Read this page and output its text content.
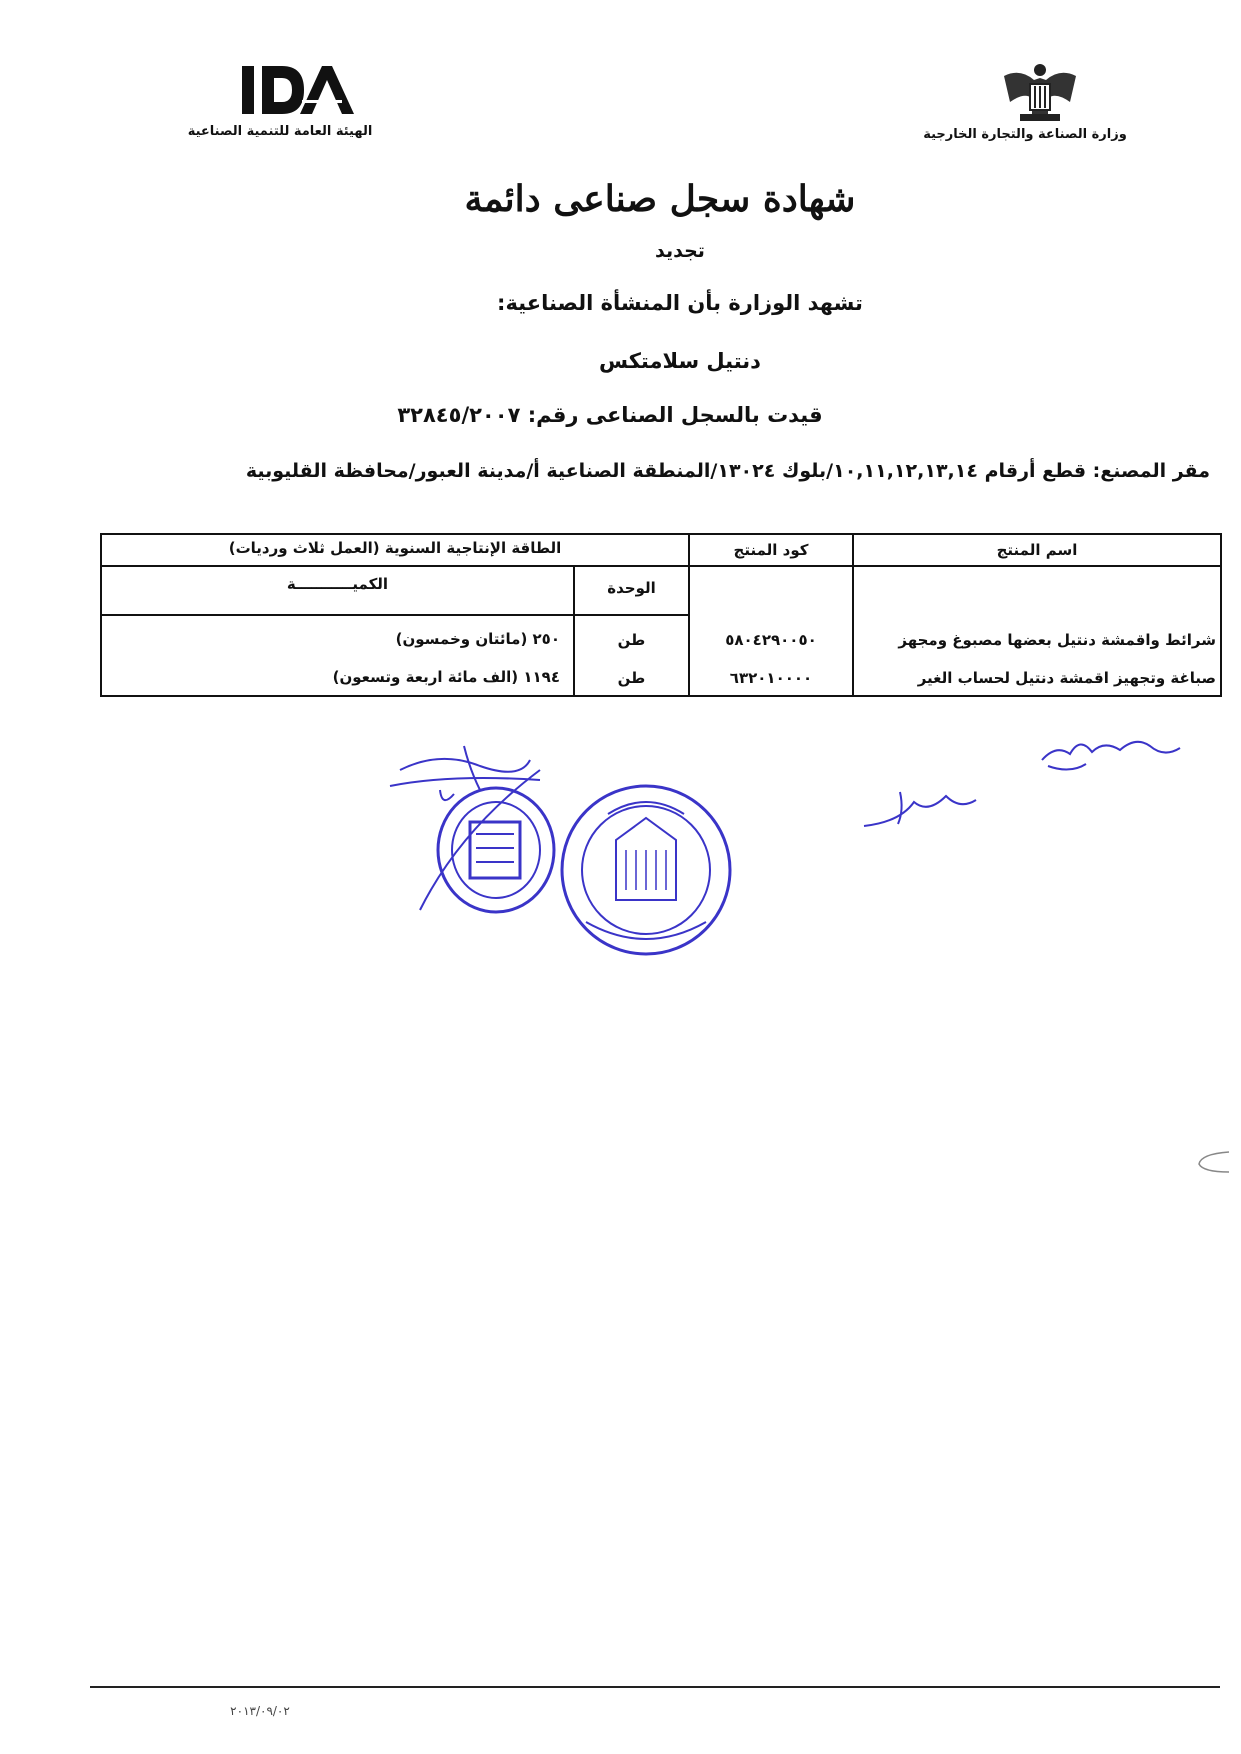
الهيئة العامة للتنمية الصناعية	وزارة الصناعة والتجارة الخارجية
شهادة سجل صناعى دائمة
تجديد
تشهد الوزارة بأن المنشأة الصناعية:
دنتيل سلامتكس
قيدت بالسجل الصناعى رقم: ٣٢٨٤٥/٢٠٠٧
مقر المصنع: قطع أرقام ١٠,١١,١٢,١٣,١٤/بلوك ١٣٠٢٤/المنطقة الصناعية أ/مدينة العبور/محافظة القليوبية
اسم المنتج
كود المنتج
الطاقة الإنتاجية السنوية (العمل ثلاث ورديات)
الوحدة
الكميـــــــــــة
شرائط واقمشة دنتيل بعضها مصبوغ ومجهز
٥٨٠٤٢٩٠٠٥٠
طن
٢٥٠ (مائتان وخمسون)
صباغة وتجهيز اقمشة دنتيل لحساب الغير
٦٣٢٠١٠٠٠٠
طن
١١٩٤ (الف مائة اربعة وتسعون)
٢٠١٣/٠٩/٠٢
